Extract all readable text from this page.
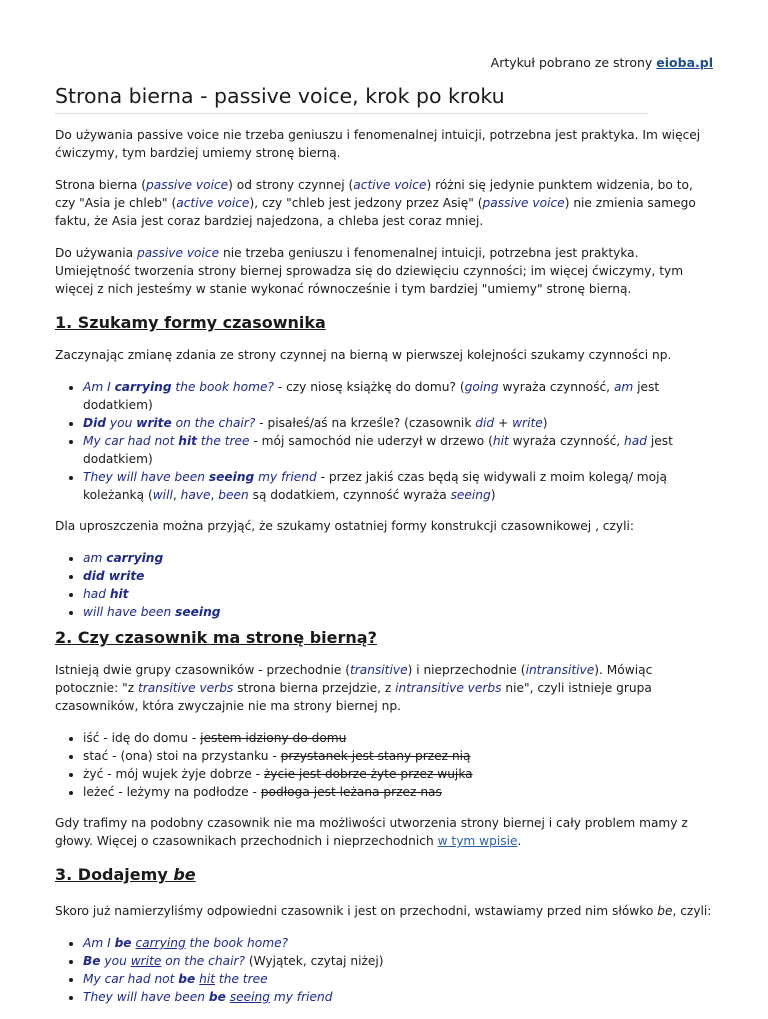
Artykuł pobrano ze strony eioba.pl
Strona bierna - passive voice, krok po kroku

Do używania passive voice nie trzeba geniuszu i fenomenalnej intuicji, potrzebna jest praktyka. Im więcej ćwiczymy, tym bardziej umiemy stronę bierną.

Strona bierna (passive voice) od strony czynnej (active voice) różni się jedynie punktem widzenia, bo to, czy "Asia je chleb" (active voice), czy "chleb jest jedzony przez Asię" (passive voice) nie zmienia samego faktu, że Asia jest coraz bardziej najedzona, a chleba jest coraz mniej.

Do używania passive voice nie trzeba geniuszu i fenomenalnej intuicji, potrzebna jest praktyka. Umiejętność tworzenia strony biernej sprowadza się do dziewięciu czynności; im więcej ćwiczymy, tym więcej z nich jesteśmy w stanie wykonać równocześnie i tym bardziej "umiemy" stronę bierną.

1. Szukamy formy czasownika

Zaczynając zmianę zdania ze strony czynnej na bierną w pierwszej kolejności szukamy czynności np.

• Am I carrying the book home? - czy niosę książkę do domu? (going wyraża czynność, am jest dodatkiem)
• Did you write on the chair? - pisałeś/aś na krześle? (czasownik did + write)
• My car had not hit the tree - mój samochód nie uderzył w drzewo (hit wyraża czynność, had jest dodatkiem)
• They will have been seeing my friend - przez jakiś czas będą się widywali z moim kolegą/ moją koleżanką (will, have, been są dodatkiem, czynność wyraża seeing)

Dla uproszczenia można przyjąć, że szukamy ostatniej formy konstrukcji czasownikowej , czyli:

• am carrying
• did write
• had hit
• will have been seeing
2. Czy czasownik ma stronę bierną?

Istnieją dwie grupy czasowników - przechodnie (transitive) i nieprzechodnie (intransitive). Mówiąc potocznie: "z transitive verbs strona bierna przejdzie, z intransitive verbs nie", czyli istnieje grupa czasowników, która zwyczajnie nie ma strony biernej np.

• iść - idę do domu - jestem idziony do domu
• stać - (ona) stoi na przystanku - przystanek jest stany przez nią
• żyć - mój wujek żyje dobrze - życie jest dobrze żyte przez wujka
• leżeć - leżymy na podłodze - podłoga jest leżana przez nas

Gdy trafimy na podobny czasownik nie ma możliwości utworzenia strony biernej i cały problem mamy z głowy. Więcej o czasownikach przechodnich i nieprzechodnich w tym wpisie.

3. Dodajemy be

Skoro już namierzyliśmy odpowiedni czasownik i jest on przechodni, wstawiamy przed nim słówko be, czyli:

• Am I be carrying the book home?
• Be you write on the chair? (Wyjątek, czytaj niżej)
• My car had not be hit the tree
• They will have been be seeing my friend
